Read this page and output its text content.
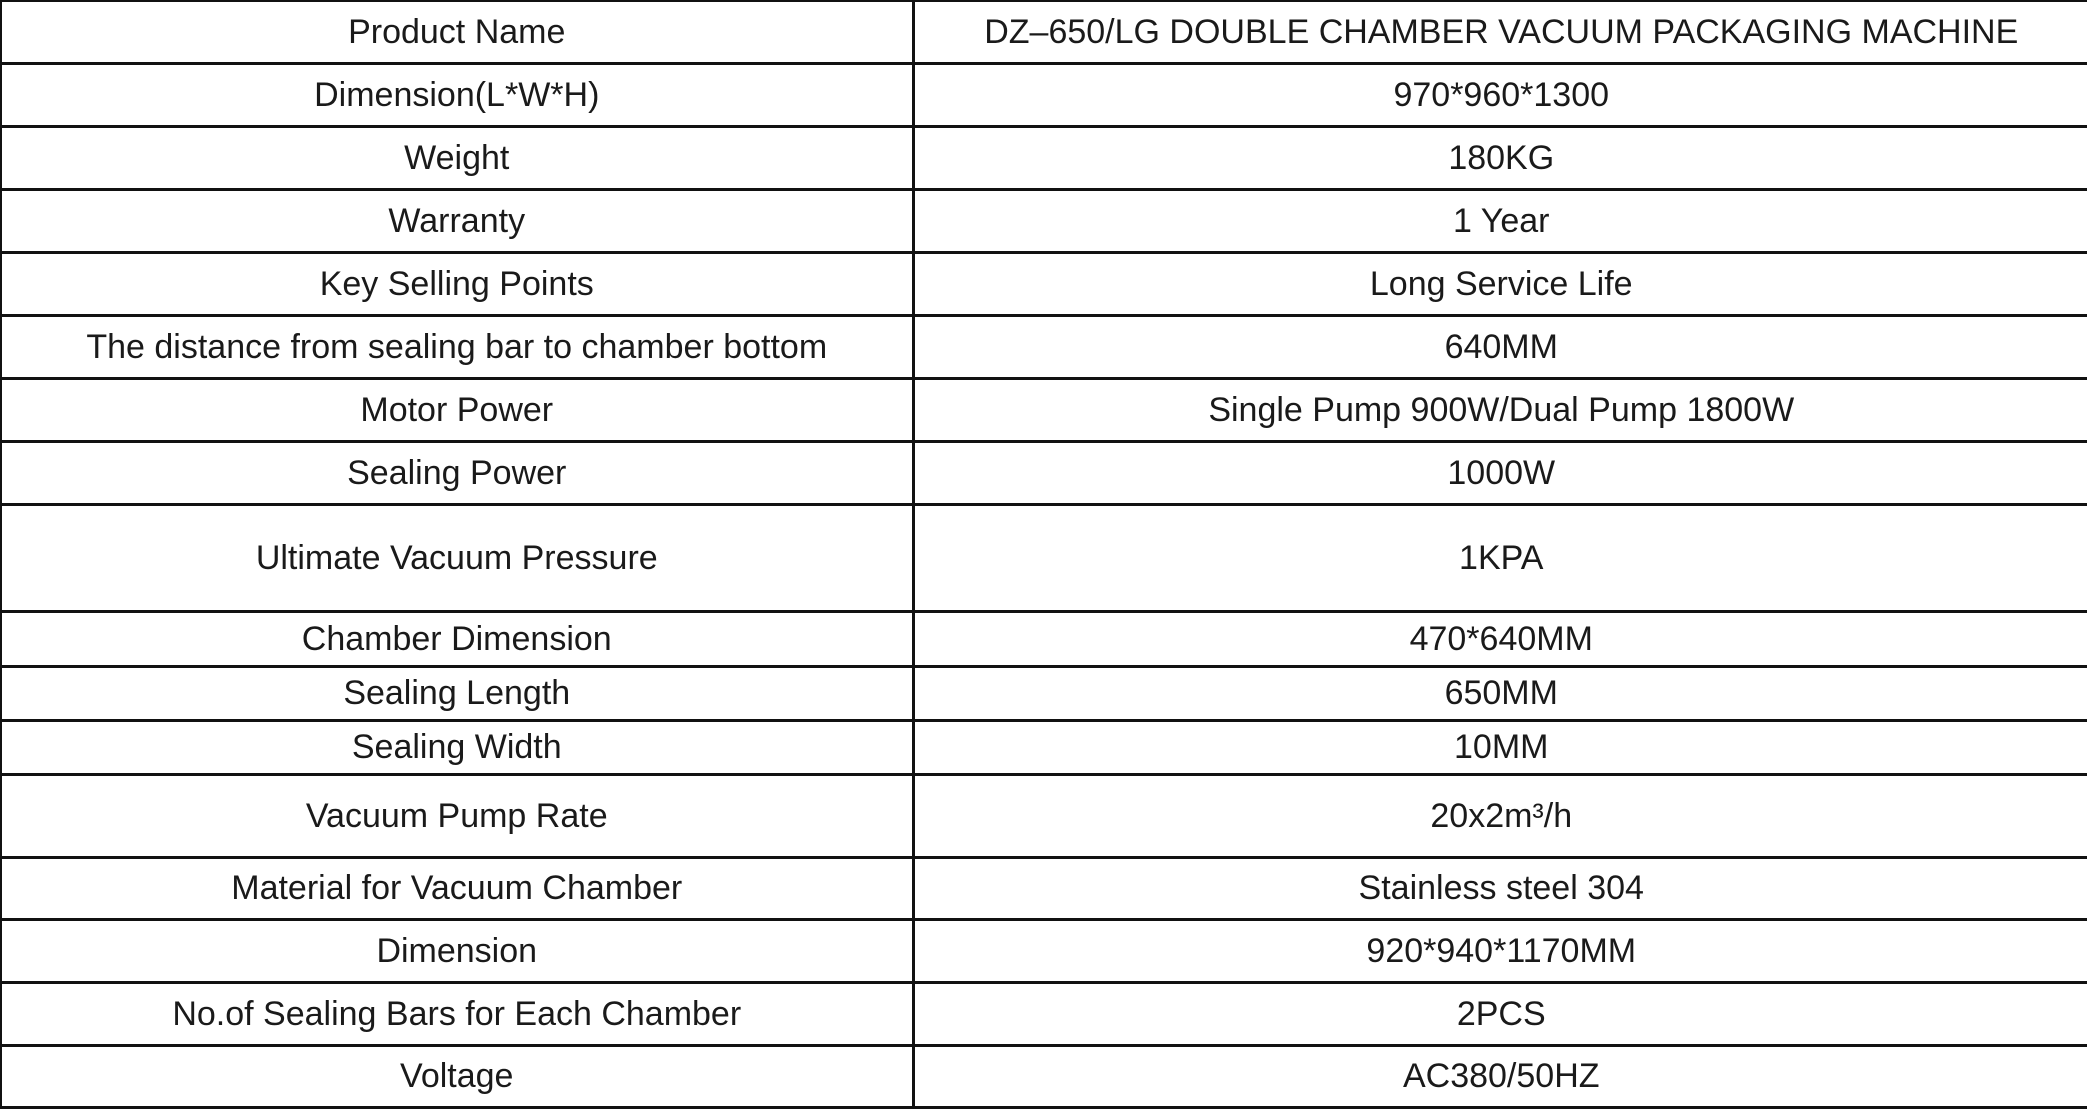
Product Name	DZ–650/LG DOUBLE CHAMBER VACUUM PACKAGING MACHINE
Dimension(L*W*H)	970*960*1300
Weight	180KG
Warranty	1 Year
Key Selling Points	Long Service Life
The distance from sealing bar to chamber bottom	640MM
Motor Power	Single Pump 900W/Dual Pump 1800W
Sealing Power	1000W
Ultimate Vacuum Pressure	1KPA
Chamber Dimension	470*640MM
Sealing Length	650MM
Sealing Width	10MM
Vacuum Pump Rate	20x2m³/h
Material for Vacuum Chamber	Stainless steel 304
Dimension	920*940*1170MM
No.of Sealing Bars for Each Chamber	2PCS
Voltage	AC380/50HZ
